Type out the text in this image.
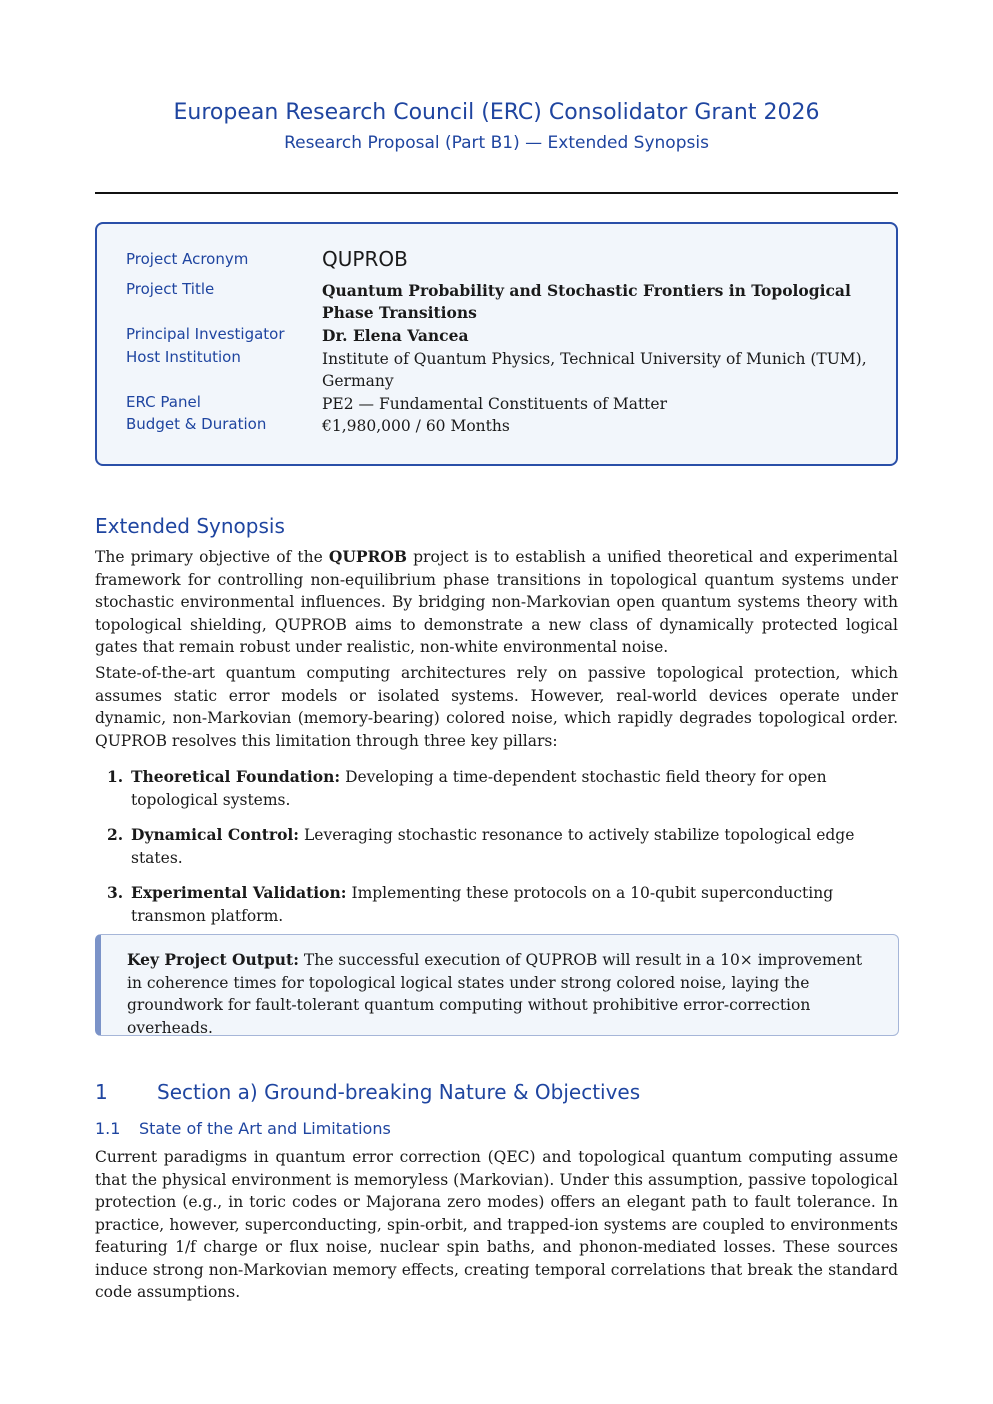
European Research Council (ERC) Consolidator Grant 2026
Research Proposal (Part B1) — Extended Synopsis
Project Acronym	QUPROB
Project Title	Quantum Probability and Stochastic Frontiers in Topological Phase Transitions
Principal Investigator	Dr. Elena Vancea
Host Institution	Institute of Quantum Physics, Technical University of Munich (TUM), Germany
ERC Panel	PE2 — Fundamental Constituents of Matter
Budget & Duration	€1,980,000 / 60 Months
Extended Synopsis

The primary objective of the QUPROB project is to establish a unified theoretical and experimental framework for controlling non-equilibrium phase transitions in topological quantum systems under stochastic environmental influences. By bridging non-Markovian open quantum systems theory with topological shielding, QUPROB aims to demonstrate a new class of dynamically protected logical gates that remain robust under realistic, non-white environmental noise.

State-of-the-art quantum computing architectures rely on passive topological protection, which assumes static error models or isolated systems. However, real-world devices operate under dynamic, non-Markovian (memory-bearing) colored noise, which rapidly degrades topological order. QUPROB resolves this limitation through three key pillars:

1. Theoretical Foundation: Developing a time-dependent stochastic field theory for open topological systems.
2. Dynamical Control: Leveraging stochastic resonance to actively stabilize topological edge states.
3. Experimental Validation: Implementing these protocols on a 10-qubit superconducting transmon platform.

Key Project Output: The successful execution of QUPROB will result in a 10× improvement in coherence times for topological logical states under strong colored noise, laying the groundwork for fault-tolerant quantum computing without prohibitive error-correction overheads.

1 Section a) Ground-breaking Nature & Objectives
1.1 State of the Art and Limitations

Current paradigms in quantum error correction (QEC) and topological quantum computing assume that the physical environment is memoryless (Markovian). Under this assumption, passive topological protection (e.g., in toric codes or Majorana zero modes) offers an elegant path to fault tolerance. In practice, however, superconducting, spin-orbit, and trapped-ion systems are coupled to environments featuring 1/f charge or flux noise, nuclear spin baths, and phonon-mediated losses. These sources induce strong non-Markovian memory effects, creating temporal correlations that break the standard code assumptions.
